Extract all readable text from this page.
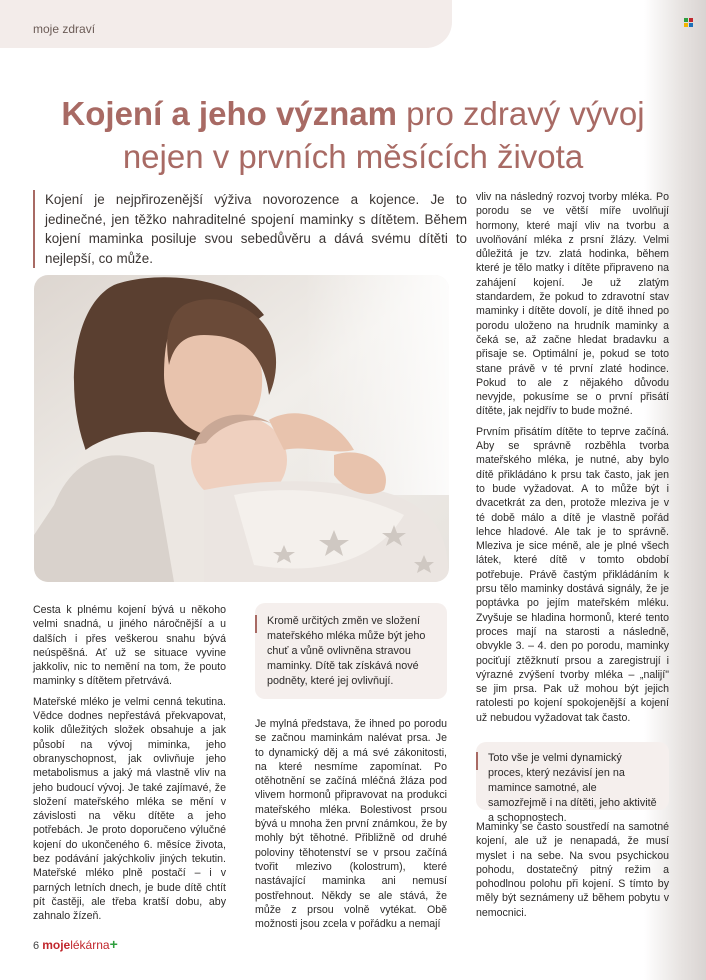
moje zdraví
Kojení a jeho význam pro zdravý vývoj
nejen v prvních měsících života
Kojení je nejpřirozenější výživa novorozence a kojence. Je to jedinečné, jen těžko nahraditelné spojení maminky s dítětem. Během kojení maminka posiluje svou sebedůvěru a dává svému dítěti to nejlepší, co může.

Cesta k plnému kojení bývá u někoho velmi snadná, u jiného náročnější a u dalších i přes veškerou snahu bývá neúspěšná. Ať už se situace vyvine jakkoliv, nic to nemění na tom, že pouto maminky s dítětem přetrvává.

Mateřské mléko je velmi cenná tekutina. Vědce dodnes nepřestává překvapovat, kolik důležitých složek obsahuje a jak působí na vývoj miminka, jeho obranyschopnost, jak ovlivňuje jeho metabolismus a jaký má vlastně vliv na jeho budoucí vývoj. Je také zajímavé, že složení mateřského mléka se mění v závislosti na věku dítěte a jeho potřebách. Je proto doporučeno výlučné kojení do ukončeného 6. měsíce života, bez podávání jakýchkoliv jiných tekutin. Mateřské mléko plně postačí – i v parných letních dnech, je bude dítě chtít pít častěji, ale třeba kratší dobu, aby zahnalo žízeň.

Kromě určitých změn ve složení mateřského mléka může být jeho chuť a vůně ovlivněna stravou maminky. Dítě tak získává nové podněty, které jej ovlivňují.

Je mylná představa, že ihned po porodu se začnou maminkám nalévat prsa. Je to dynamický děj a má své zákonitosti, na které nesmíme zapomínat. Po otěhotnění se začíná mléčná žláza pod vlivem hormonů připravovat na produkci mateřského mléka. Bolestivost prsou bývá u mnoha žen první známkou, že by mohly být těhotné. Přibližně od druhé poloviny těhotenství se v prsou začíná tvořit mlezivo (kolostrum), které nastávající maminka ani nemusí postřehnout. Někdy se ale stává, že může z prsou volně vytékat. Obě možnosti jsou zcela v pořádku a nemají

vliv na následný rozvoj tvorby mléka. Po porodu se ve větší míře uvolňují hormony, které mají vliv na tvorbu a uvolňování mléka z prsní žlázy. Velmi důležitá je tzv. zlatá hodinka, během které je tělo matky i dítěte připraveno na zahájení kojení. Je už zlatým standardem, že pokud to zdravotní stav maminky i dítěte dovolí, je dítě ihned po porodu uloženo na hrudník maminky a čeká se, až začne hledat bradavku a přisaje se. Optimální je, pokud se toto stane právě v té první zlaté hodince. Pokud to ale z nějakého důvodu nevyjde, pokusíme se o první přisátí dítěte, jak nejdřív to bude možné.

Prvním přisátím dítěte to teprve začíná. Aby se správně rozběhla tvorba mateřského mléka, je nutné, aby bylo dítě přikládáno k prsu tak často, jak jen to bude vyžadovat. A to může být i dvacetkrát za den, protože mlezivа je v té době málo a dítě je vlastně pořád lehce hladové. Ale tak je to správně. Mleziva je sice méně, ale je plné všech látek, které dítě v tomto období potřebuje. Právě častým přikládáním k prsu tělo maminky dostává signály, že je poptávka po jejím mateřském mléku. Zvyšuje se hladina hormonů, které tento proces mají na starosti a následně, obvykle 3. – 4. den po porodu, maminky pociťují ztěžknutí prsou a zaregistrují i výrazné zvýšení tvorby mléka – „nalijí" se jim prsa. Pak už mohou být jejich ratolesti po kojení spokojenější a kojení už nebudou vyžadovat tak často.

Toto vše je velmi dynamický proces, který nezávisí jen na mamince samotné, ale samozřejmě i na dítěti, jeho aktivitě a schopnostech.

Maminky se často soustředí na samotné kojení, ale už je nenapadá, že musí myslet i na sebe. Na svou psychickou pohodu, dostatečný pitný režim a pohodlnou polohu při kojení. S tímto by měly být seznámeny už během pobytu v nemocnici.

6 mojelékárna+
